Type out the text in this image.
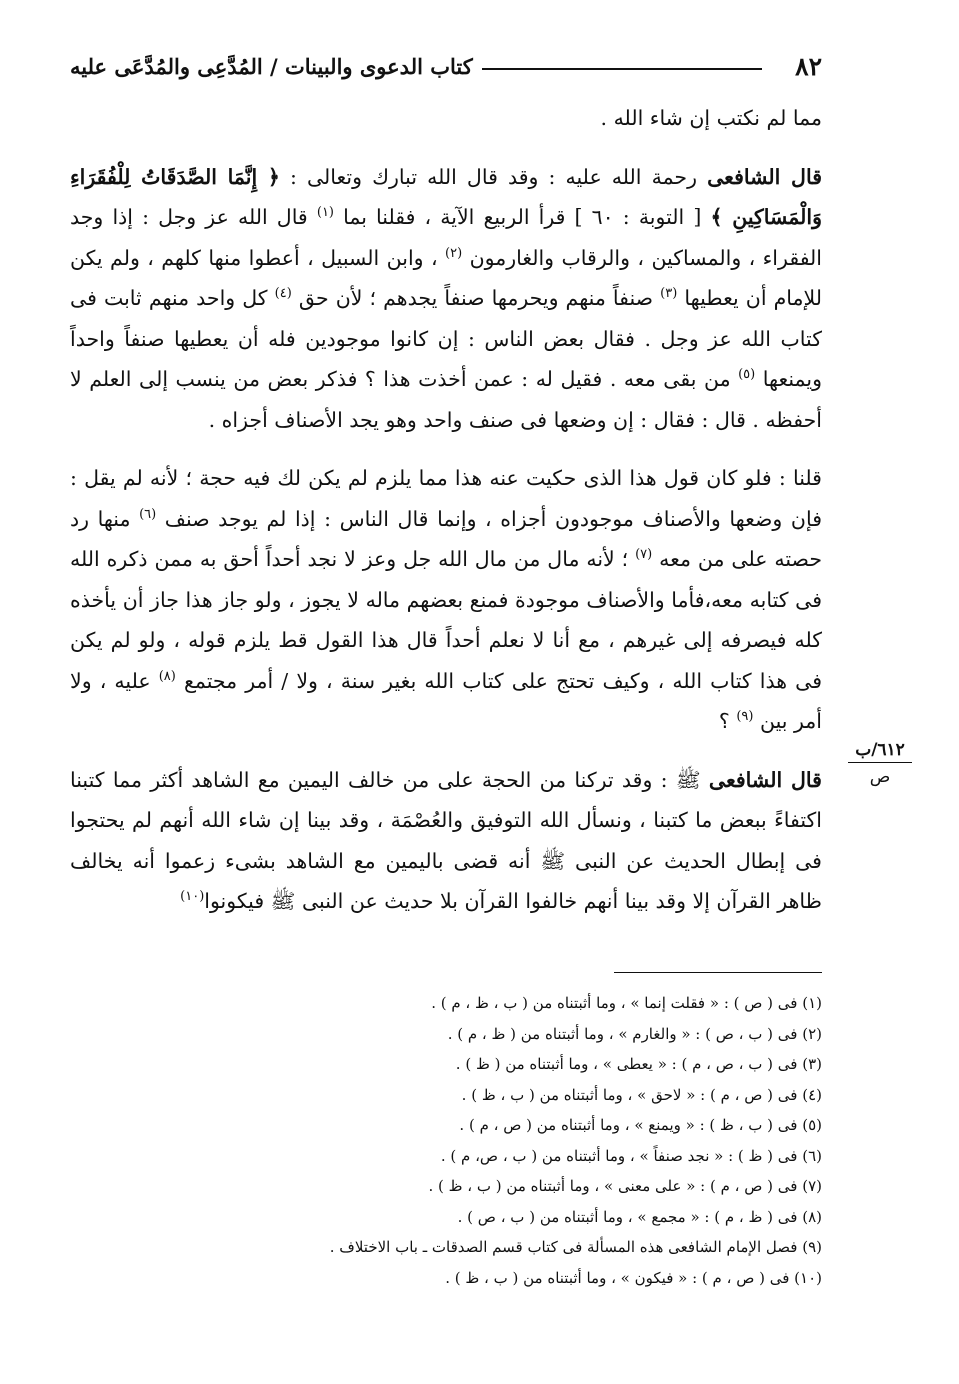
٨٢
كتاب الدعوى والبينات / المُدَّعِى والمُدَّعَى عليه

مما لم نكتب إن شاء الله .

قال الشافعى رحمة الله عليه : وقد قال الله تبارك وتعالى : ﴿ إِنَّمَا الصَّدَقَاتُ لِلْفُقَرَاءِ وَالْمَسَاكِينِ ﴾ [ التوبة : ٦٠ ] قرأ الربيع الآية ، فقلنا بما $^{(١)}$ قال الله عز وجل : إذا وجد الفقراء ، والمساكين ، والرقاب والغارمون $^{(٢)}$ ، وابن السبيل ، أعطوا منها كلهم ، ولم يكن للإمام أن يعطيها $^{(٣)}$ صنفاً منهم ويحرمها صنفاً يجدهم ؛ لأن حق $^{(٤)}$ كل واحد منهم ثابت فى كتاب الله عز وجل . فقال بعض الناس : إن كانوا موجودين فله أن يعطيها صنفاً واحداً ويمنعها $^{(٥)}$ من بقى معه . فقيل له : عمن أخذت هذا ؟ فذكر بعض من ينسب إلى العلم لا أحفظه . قال : فقال : إن وضعها فى صنف واحد وهو يجد الأصناف أجزاه .

قلنا : فلو كان قول هذا الذى حكيت عنه هذا مما يلزم لم يكن لك فيه حجة ؛ لأنه لم يقل : فإن وضعها والأصناف موجودون أجزاه ، وإنما قال الناس : إذا لم يوجد صنف $^{(٦)}$ منها رد حصته على من معه $^{(٧)}$ ؛ لأنه مال من مال الله جل وعز لا نجد أحداً أحق به ممن ذكره الله فى كتابه معه،فأما والأصناف موجودة فمنع بعضهم ماله لا يجوز ، ولو جاز هذا جاز أن يأخذه كله فيصرفه إلى غيرهم ، مع أنا لا نعلم أحداً قال هذا القول قط يلزم قوله ، ولو لم يكن فى هذا كتاب الله ، وكيف تحتج على كتاب الله بغير سنة ، ولا / أمر مجتمع $^{(٨)}$ عليه ، ولا أمر بين $^{(٩)}$ ؟

قال الشافعى ﷺ : وقد تركنا من الحجة على من خالف اليمين مع الشاهد أكثر مما كتبنا اكتفاءً ببعض ما كتبنا ، ونسأل الله التوفيق والعُصْمَة ، وقد بينا إن شاء الله أنهم لم يحتجوا فى إبطال الحديث عن النبى ﷺ أنه قضى باليمين مع الشاهد بشىء زعموا أنه يخالف ظاهر القرآن إلا وقد بينا أنهم خالفوا القرآن بلا حديث عن النبى ﷺ فيكونوا$^{(١٠)}$

٦١٢/ب
ص
(١) فى ( ص ) : « فقلت إنما » ، وما أثبتناه من ( ب ، ظ ، م ) .
(٢) فى ( ب ، ص ) : « والغارم » ، وما أثبتناه من ( ظ ، م ) .
(٣) فى ( ب ، ص ، م ) : « يعطى » ، وما أثبتناه من ( ظ ) .
(٤) فى ( ص ، م ) : « لاحق » ، وما أثبتناه من ( ب ، ظ ) .
(٥) فى ( ب ، ظ ) : « ويمنع » ، وما أثبتناه من ( ص ، م ) .
(٦) فى ( ظ ) : « نجد صنفاً » ، وما أثبتناه من ( ب ، ص، م ) .
(٧) فى ( ص ، م ) : « على معنى » ، وما أثبتناه من ( ب ، ظ ) .
(٨) فى ( ظ ، م ) : « مجمع » ، وما أثبتناه من ( ب ، ص ) .
(٩) فصل الإمام الشافعى هذه المسألة فى كتاب قسم الصدقات ـ باب الاختلاف .
(١٠) فى ( ص ، م ) : « فيكون » ، وما أثبتناه من ( ب ، ظ ) .
